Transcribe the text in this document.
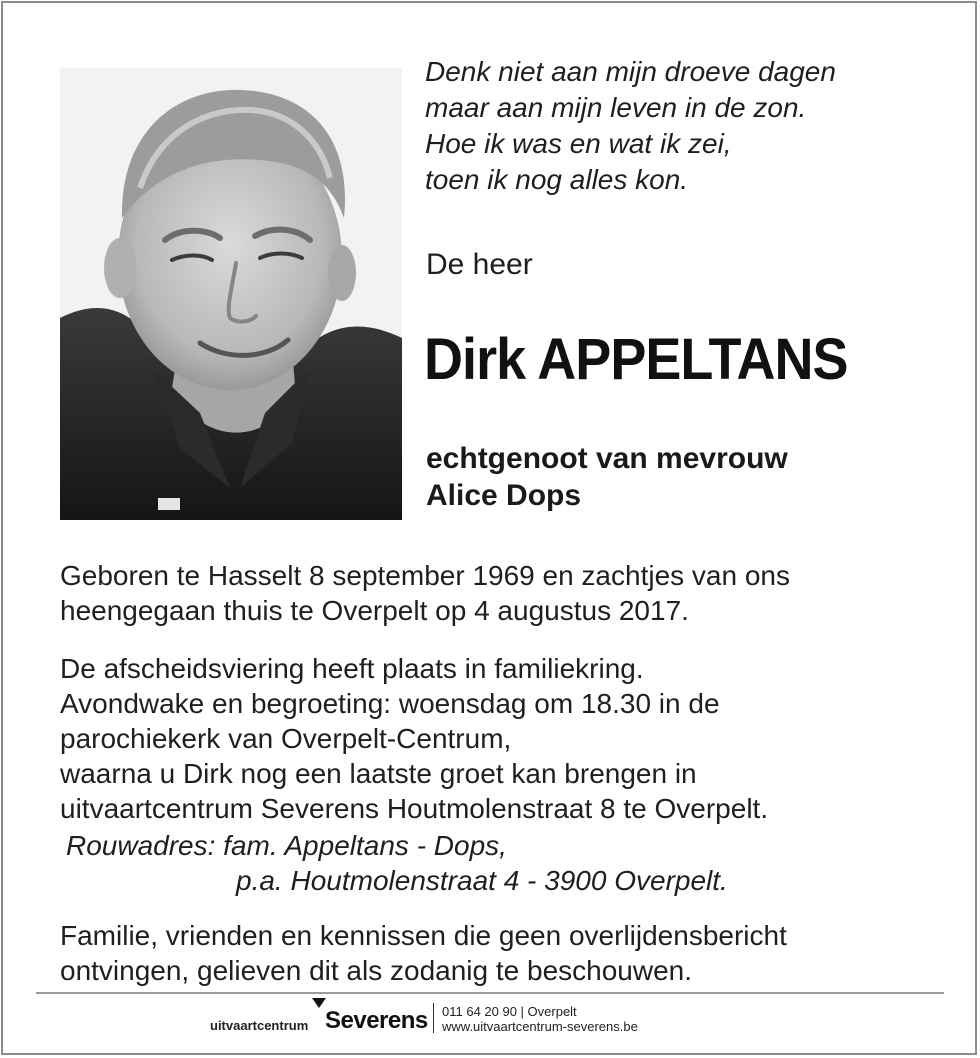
Denk niet aan mijn droeve dagen
maar aan mijn leven in de zon.
Hoe ik was en wat ik zei,
toen ik nog alles kon.
De heer
Dirk APPELTANS
echtgenoot van mevrouw
Alice Dops
Geboren te Hasselt 8 september 1969 en zachtjes van ons
heengegaan thuis te Overpelt op 4 augustus 2017.
De afscheidsviering heeft plaats in familiekring.
Avondwake en begroeting: woensdag om 18.30 in de
parochiekerk van Overpelt-Centrum,
waarna u Dirk nog een laatste groet kan brengen in
uitvaartcentrum Severens Houtmolenstraat 8 te Overpelt.
Rouwadres: fam. Appeltans - Dops,
p.a. Houtmolenstraat 4 - 3900 Overpelt.
Familie, vrienden en kennissen die geen overlijdensbericht
ontvingen, gelieven dit als zodanig te beschouwen.
uitvaartcentrum Severens 011 64 20 90 | Overpelt
www.uitvaartcentrum-severens.be
